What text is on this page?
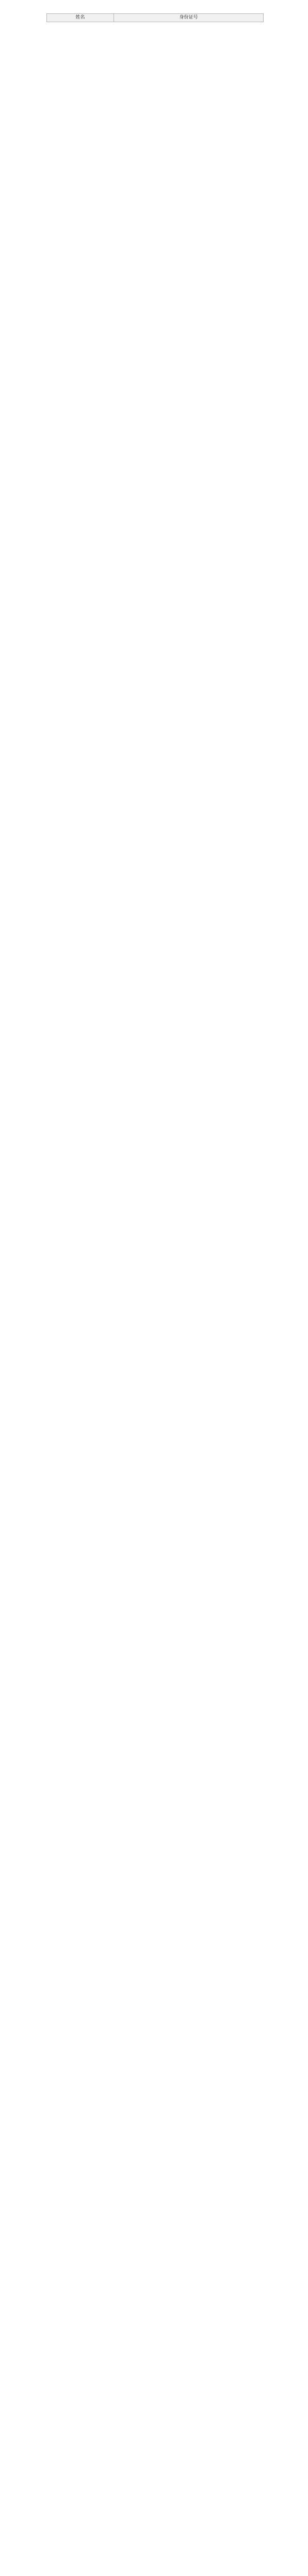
姓名	身份证号
